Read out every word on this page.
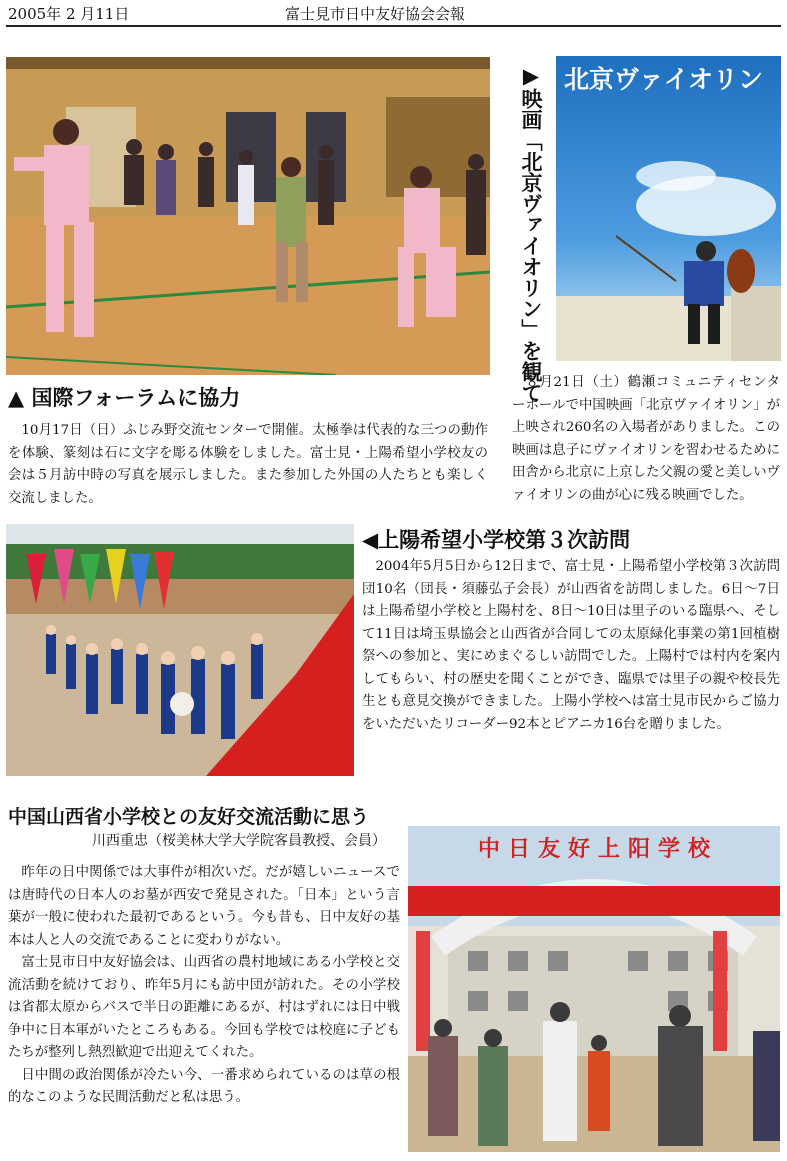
2005年 2 月11日	富士見市日中友好協会会報
▲ 国際フォーラムに協力

10月17日（日）ふじみ野交流センターで開催。太極拳は代表的な三つの動作を体験、篆刻は石に文字を彫る体験をしました。富士見・上陽希望小学校友の会は５月訪中時の写真を展示しました。また参加した外国の人たちとも楽しく交流しました。

▶映画「北京ヴァイオリン」を観て 北京ヴァイオリン

８月21日（土）鶴瀬コミュニティセンターホールで中国映画「北京ヴァイオリン」が上映され260名の入場者がありました。この映画は息子にヴァイオリンを習わせるために田舎から北京に上京した父親の愛と美しいヴァイオリンの曲が心に残る映画でした。

◀上陽希望小学校第３次訪問

2004年5月5日から12日まで、富士見・上陽希望小学校第３次訪問団10名（団長・須藤弘子会長）が山西省を訪問しました。6日〜7日は上陽希望小学校と上陽村を、8日〜10日は里子のいる臨県へ、そして11日は埼玉県協会と山西省が合同しての太原緑化事業の第1回植樹祭への参加と、実にめまぐるしい訪問でした。上陽村では村内を案内してもらい、村の歴史を聞くことができ、臨県では里子の親や校長先生とも意見交換ができました。上陽小学校へは富士見市民からご協力をいただいたリコーダー92本とピアニカ16台を贈りました。

中国山西省小学校との友好交流活動に思う
川西重忠（桜美林大学大学院客員教授、会員）

昨年の日中関係では大事件が相次いだ。だが嬉しいニュースでは唐時代の日本人のお墓が西安で発見された。「日本」という言葉が一般に使われた最初であるという。今も昔も、日中友好の基本は人と人の交流であることに変わりがない。

富士見市日中友好協会は、山西省の農村地域にある小学校と交流活動を続けており、昨年5月にも訪中団が訪れた。その小学校は省都太原からバスで半日の距離にあるが、村はずれには日中戦争中に日本軍がいたところもある。今回も学校では校庭に子どもたちが整列し熱烈歓迎で出迎えてくれた。

日中間の政治関係が冷たい今、一番求められているのは草の根的なこのような民間活動だと私は思う。

中日友好上阳学校
